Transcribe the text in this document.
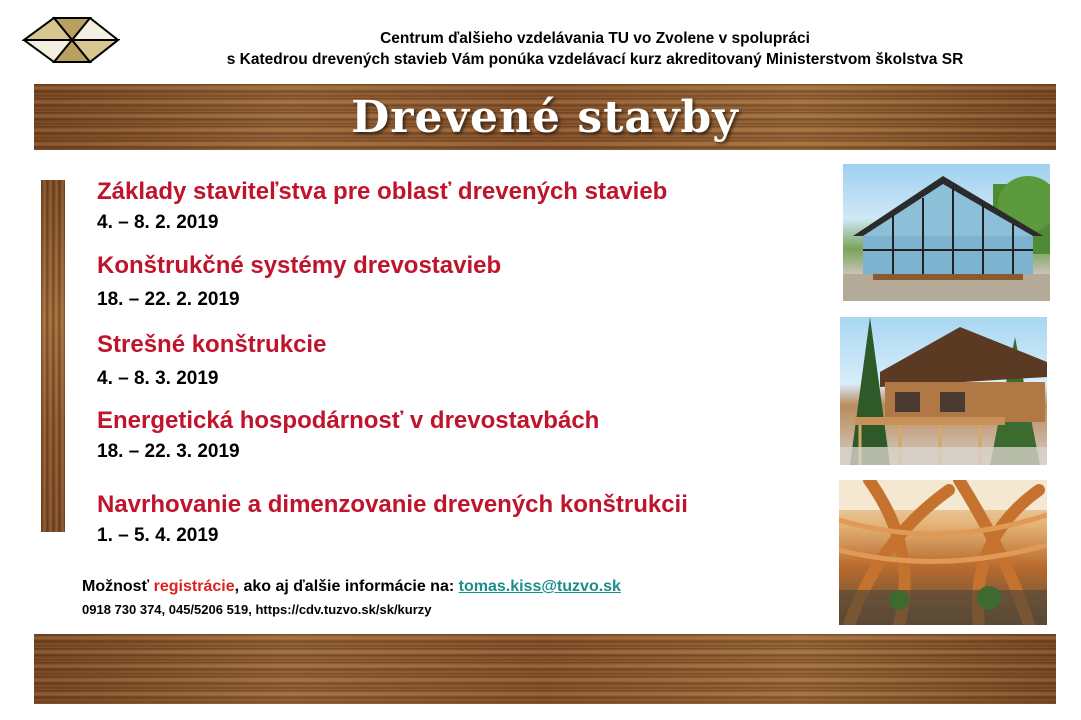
Centrum ďalšieho vzdelávania TU vo Zvolene v spolupráci
s Katedrou drevených stavieb Vám ponúka vzdelávací kurz akreditovaný Ministerstvom školstva SR
Drevené stavby
Základy staviteľstva pre oblasť drevených stavieb
4. – 8. 2. 2019
Konštrukčné systémy drevostavieb
18. – 22. 2. 2019
Strešné konštrukcie
4. – 8. 3. 2019
Energetická hospodárnosť v drevostavbách
18. – 22. 3. 2019
Navrhovanie a dimenzovanie drevených konštrukcii
1. – 5. 4. 2019
Možnosť registrácie, ako aj ďalšie informácie na: tomas.kiss@tuzvo.sk
0918 730 374, 045/5206 519, https://cdv.tuzvo.sk/sk/kurzy
